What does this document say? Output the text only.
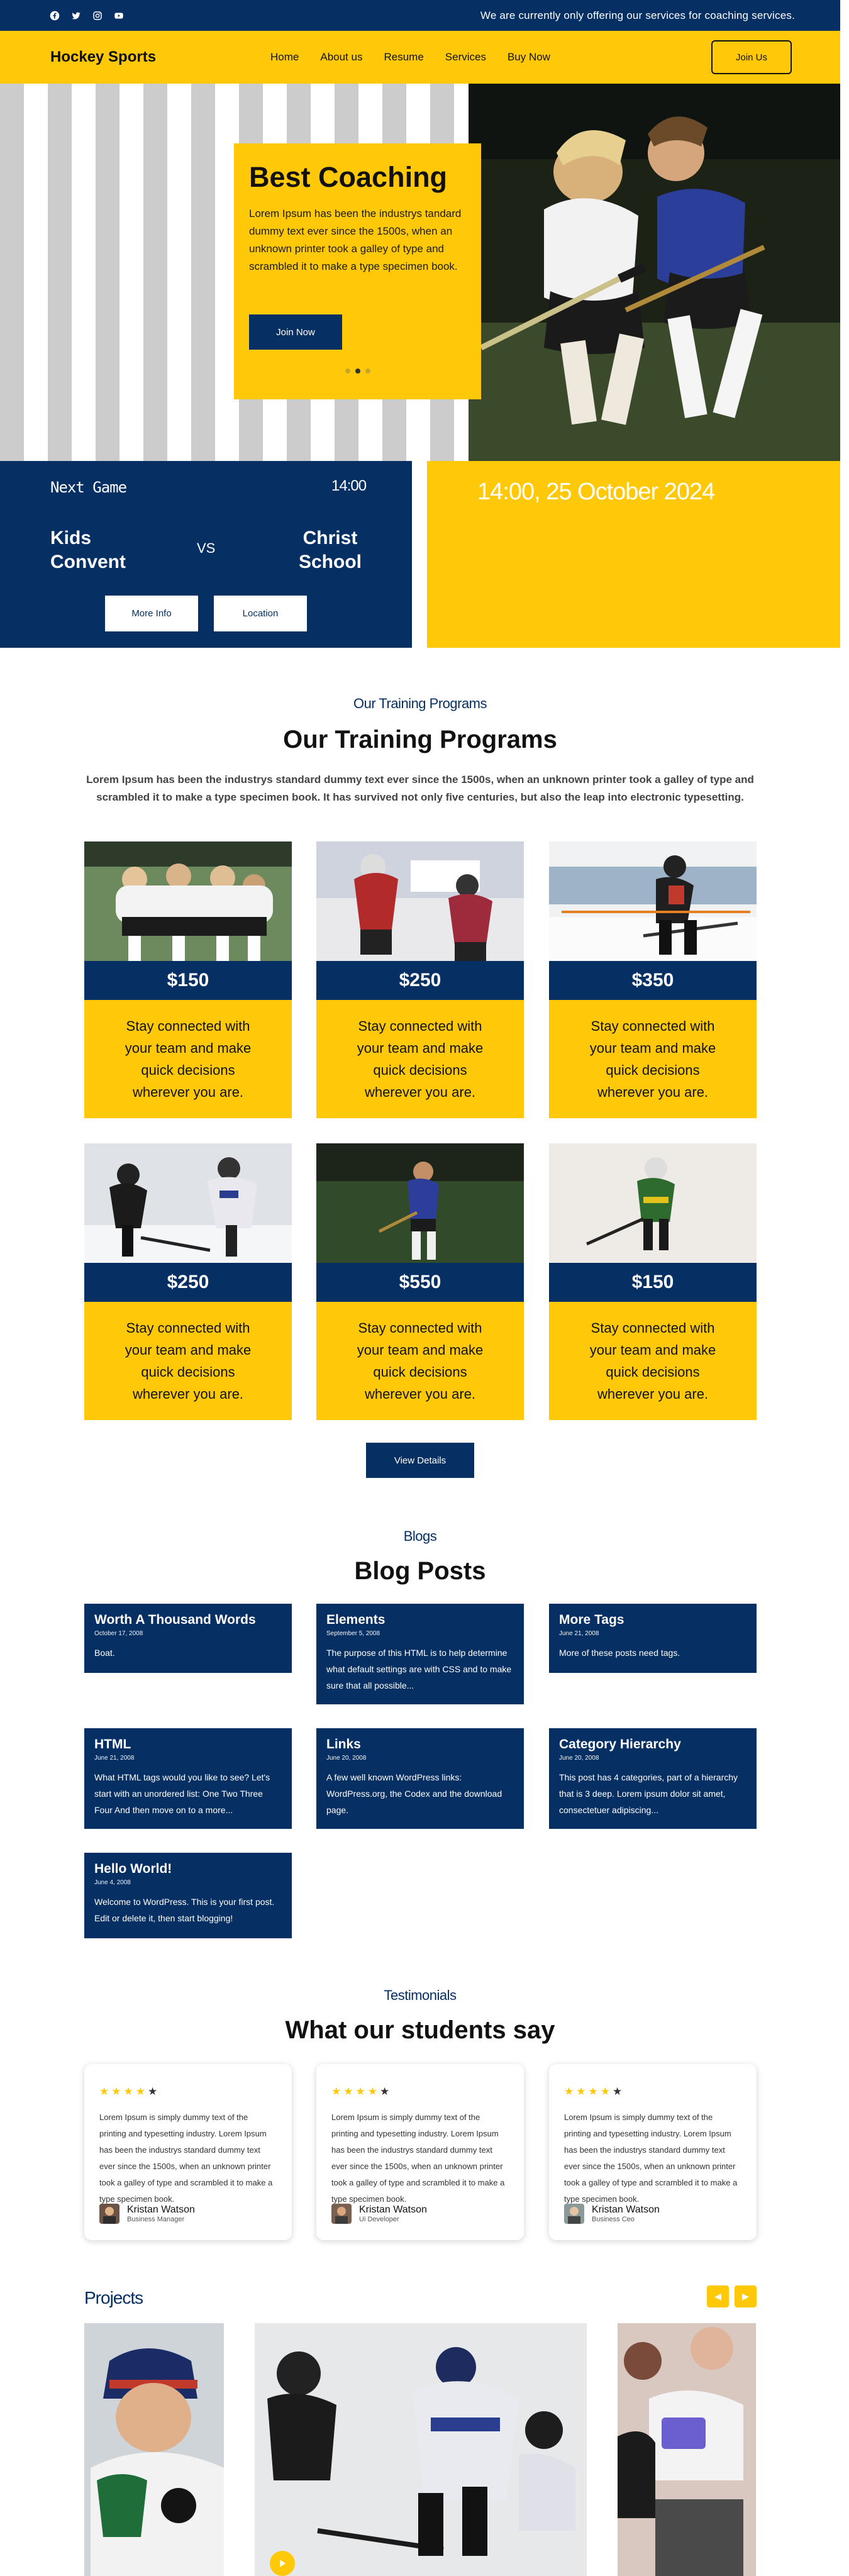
We are currently only offering our services for coaching services.
Hockey Sports	Home About us Resume Services Buy Now	Join Us
Best Coaching
Lorem Ipsum has been the industrys tandard dummy text ever since the 1500s, when an unknown printer took a galley of type and scrambled it to make a type specimen book.
Join Now
Next Game	14:00
Kids
Convent
VS	Christ
School
More Info	Location
14:00, 25 October 2024
Our Training Programs
Our Training Programs
Lorem Ipsum has been the industrys standard dummy text ever since the 1500s, when an unknown printer took a galley of type and scrambled it to make a type specimen book. It has survived not only five centuries, but also the leap into electronic typesetting.
$150
Stay connected with your team and make quick decisions wherever you are.
$250
Stay connected with your team and make quick decisions wherever you are.
$350
Stay connected with your team and make quick decisions wherever you are.
$250
Stay connected with your team and make quick decisions wherever you are.
$550
Stay connected with your team and make quick decisions wherever you are.
$150
Stay connected with your team and make quick decisions wherever you are.
View Details
Blogs
Blog Posts
Worth A Thousand Words
October 17, 2008
Boat.
Elements
September 5, 2008
The purpose of this HTML is to help determine what default settings are with CSS and to make sure that all possible...
More Tags
June 21, 2008
More of these posts need tags.
HTML
June 21, 2008
What HTML tags would you like to see? Let's start with an unordered list: One Two Three Four And then move on to a more...
Links
June 20, 2008
A few well known WordPress links: WordPress.org, the Codex and the download page.
Category Hierarchy
June 20, 2008
This post has 4 categories, part of a hierarchy that is 3 deep. Lorem ipsum dolor sit amet, consectetuer adipiscing...
Hello World!
June 4, 2008
Welcome to WordPress. This is your first post. Edit or delete it, then start blogging!
Testimonials
What our students say
★ ★ ★ ★ ★
Lorem Ipsum is simply dummy text of the printing and typesetting industry. Lorem Ipsum has been the industrys standard dummy text ever since the 1500s, when an unknown printer took a galley of type and scrambled it to make a type specimen book.
Kristan Watson
Business Manager
★ ★ ★ ★ ★
Lorem Ipsum is simply dummy text of the printing and typesetting industry. Lorem Ipsum has been the industrys standard dummy text ever since the 1500s, when an unknown printer took a galley of type and scrambled it to make a type specimen book.
Kristan Watson
Ui Developer
★ ★ ★ ★ ★
Lorem Ipsum is simply dummy text of the printing and typesetting industry. Lorem Ipsum has been the industrys standard dummy text ever since the 1500s, when an unknown printer took a galley of type and scrambled it to make a type specimen book.
Kristan Watson
Business Ceo
Projects	◀	▶
